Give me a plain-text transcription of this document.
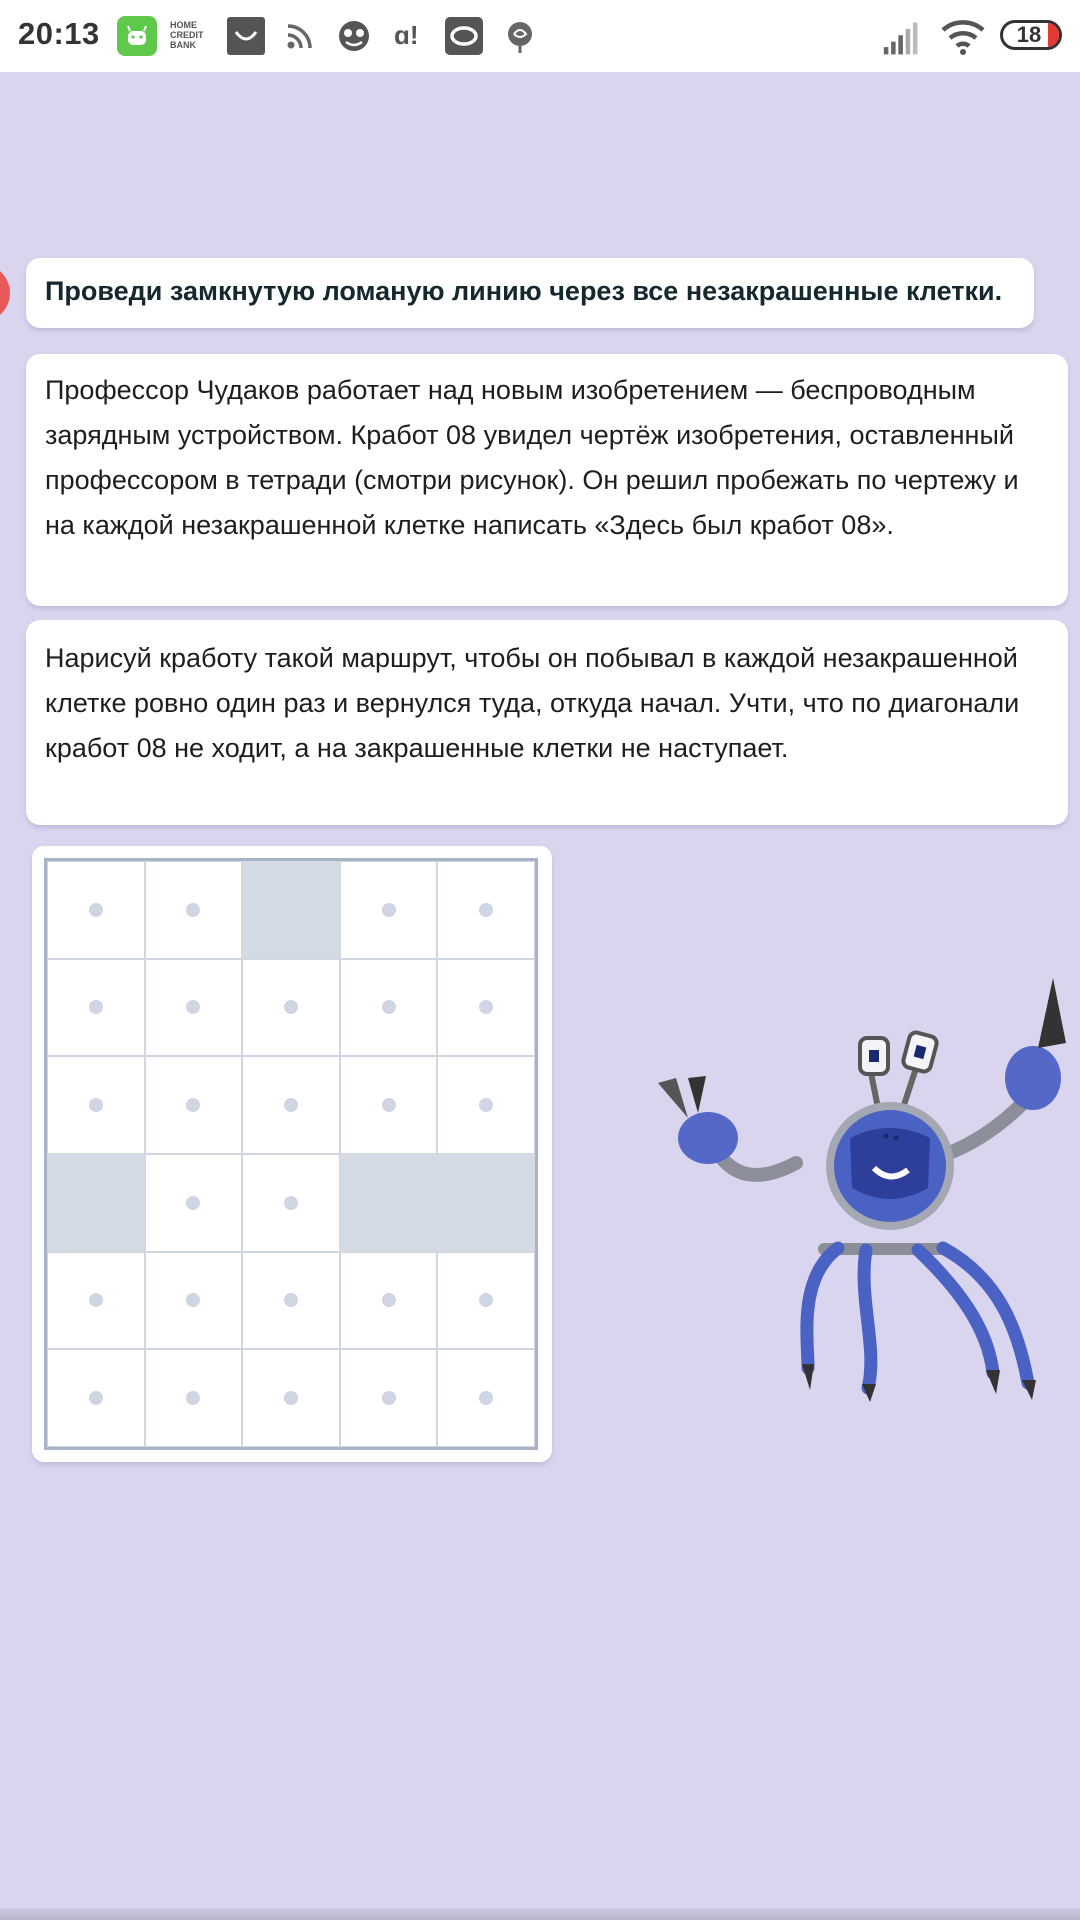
20:13	HOME
CREDIT
BANK	ɑ!	18
Проведи замкнутую ломаную линию через все незакрашенные клетки.
Профессор Чудаков работает над новым изобретением — беспроводным зарядным устройством. Кработ 08 увидел чертёж изобретения, оставленный профессором в тетради (смотри рисунок). Он решил пробежать по чертежу и на каждой незакрашенной клетке написать «Здесь был кработ 08».
Нарисуй кработу такой маршрут, чтобы он побывал в каждой незакрашенной клетке ровно один раз и вернулся туда, откуда начал. Учти, что по диагонали кработ 08 не ходит, а на закрашенные клетки не наступает.
